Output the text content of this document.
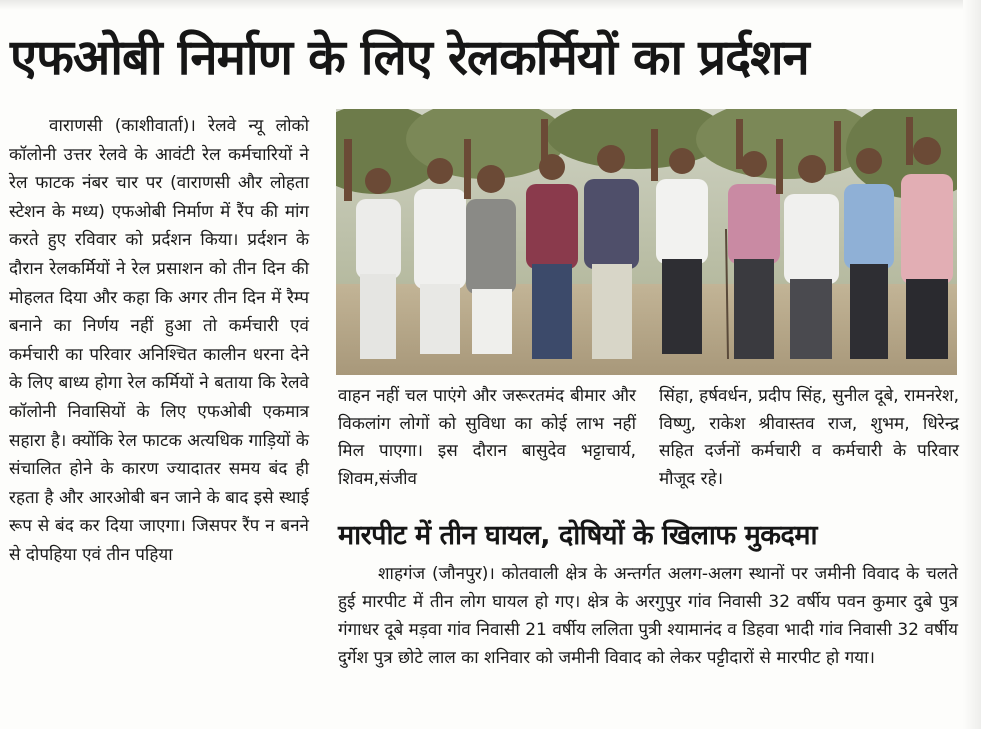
एफओबी निर्माण के लिए रेलकर्मियों का प्रर्दशन
वाराणसी (काशीवार्ता)। रेलवे न्यू लोको कॉलोनी उत्तर रेलवे के आवंटी रेल कर्मचारियों ने रेल फाटक नंबर चार पर (वाराणसी और लोहता स्टेशन के मध्य) एफओबी निर्माण में रैंप की मांग करते हुए रविवार को प्रर्दशन किया। प्रर्दशन के दौरान रेलकर्मियों ने रेल प्रसाशन को तीन दिन की मोहलत दिया और कहा कि अगर तीन दिन में रैम्प बनाने का निर्णय नहीं हुआ तो कर्मचारी एवं कर्मचारी का परिवार अनिश्चित कालीन धरना देने के लिए बाध्य होगा रेल कर्मियों ने बताया कि रेलवे कॉलोनी निवासियों के लिए एफओबी एकमात्र सहारा है। क्योंकि रेल फाटक अत्यधिक गाड़ियों के संचालित होने के कारण ज्यादातर समय बंद ही रहता है और आरओबी बन जाने के बाद इसे स्थाई रूप से बंद कर दिया जाएगा। जिसपर रैंप न बनने से दोपहिया एवं तीन पहिया
वाहन नहीं चल पाएंगे और जरूरतमंद बीमार और विकलांग लोगों को सुविधा का कोई लाभ नहीं मिल पाएगा। इस दौरान बासुदेव भट्टाचार्य, शिवम,संजीव
सिंहा, हर्षवर्धन, प्रदीप सिंह, सुनील दूबे, रामनरेश, विष्णु, राकेश श्रीवास्तव राज, शुभम, धिरेन्द्र सहित दर्जनों कर्मचारी व कर्मचारी के परिवार मौजूद रहे।
मारपीट में तीन घायल, दोषियों के खिलाफ मुकदमा
शाहगंज (जौनपुर)। कोतवाली क्षेत्र के अन्तर्गत अलग-अलग स्थानों पर जमीनी विवाद के चलते हुई मारपीट में तीन लोग घायल हो गए। क्षेत्र के अरगुपुर गांव निवासी 32 वर्षीय पवन कुमार दुबे पुत्र गंगाधर दूबे मड़वा गांव निवासी 21 वर्षीय ललिता पुत्री श्यामानंद व डिहवा भादी गांव निवासी 32 वर्षीय दुर्गेश पुत्र छोटे लाल का शनिवार को जमीनी विवाद को लेकर पट्टीदारों से मारपीट हो गया।
